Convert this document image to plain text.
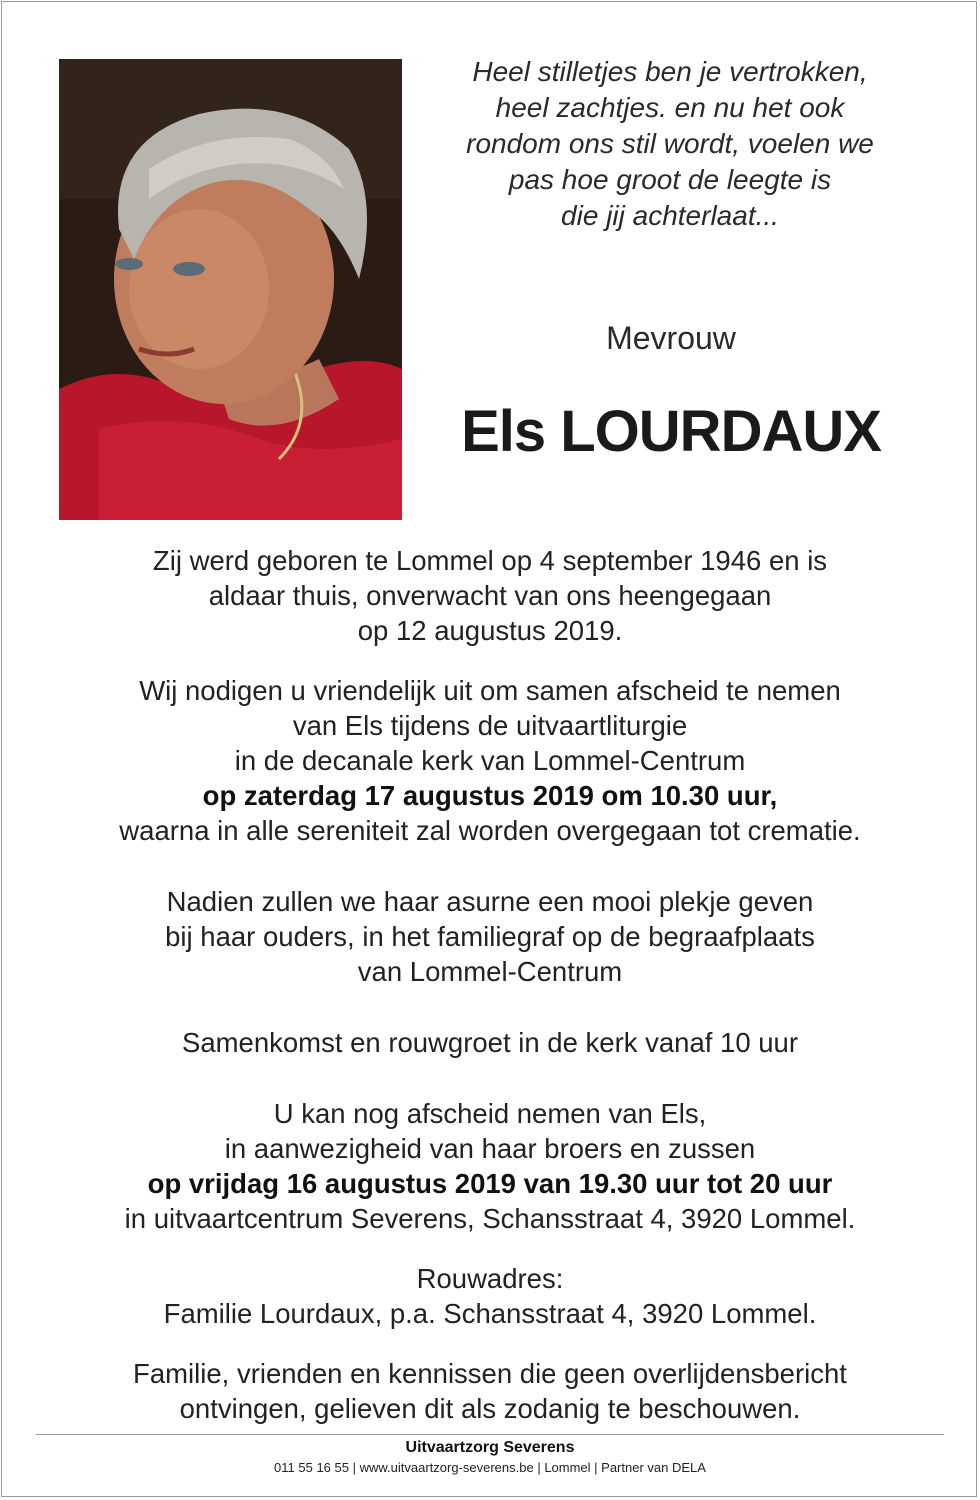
Heel stilletjes ben je vertrokken,
heel zachtjes. en nu het ook
rondom ons stil wordt, voelen we
pas hoe groot de leegte is
die jij achterlaat...
Mevrouw
Els LOURDAUX
Zij werd geboren te Lommel op 4 september 1946 en is
aldaar thuis, onverwacht van ons heengegaan
op 12 augustus 2019.
Wij nodigen u vriendelijk uit om samen afscheid te nemen
van Els tijdens de uitvaartliturgie
in de decanale kerk van Lommel-Centrum
op zaterdag 17 augustus 2019 om 10.30 uur,
waarna in alle sereniteit zal worden overgegaan tot crematie.
Nadien zullen we haar asurne een mooi plekje geven
bij haar ouders, in het familiegraf op de begraafplaats
van Lommel-Centrum
Samenkomst en rouwgroet in de kerk vanaf 10 uur
U kan nog afscheid nemen van Els,
in aanwezigheid van haar broers en zussen
op vrijdag 16 augustus 2019 van 19.30 uur tot 20 uur
in uitvaartcentrum Severens, Schansstraat 4, 3920 Lommel.
Rouwadres:
Familie Lourdaux, p.a. Schansstraat 4, 3920 Lommel.
Familie, vrienden en kennissen die geen overlijdensbericht
ontvingen, gelieven dit als zodanig te beschouwen.
Uitvaartzorg Severens
011 55 16 55 | www.uitvaartzorg-severens.be | Lommel | Partner van DELA
